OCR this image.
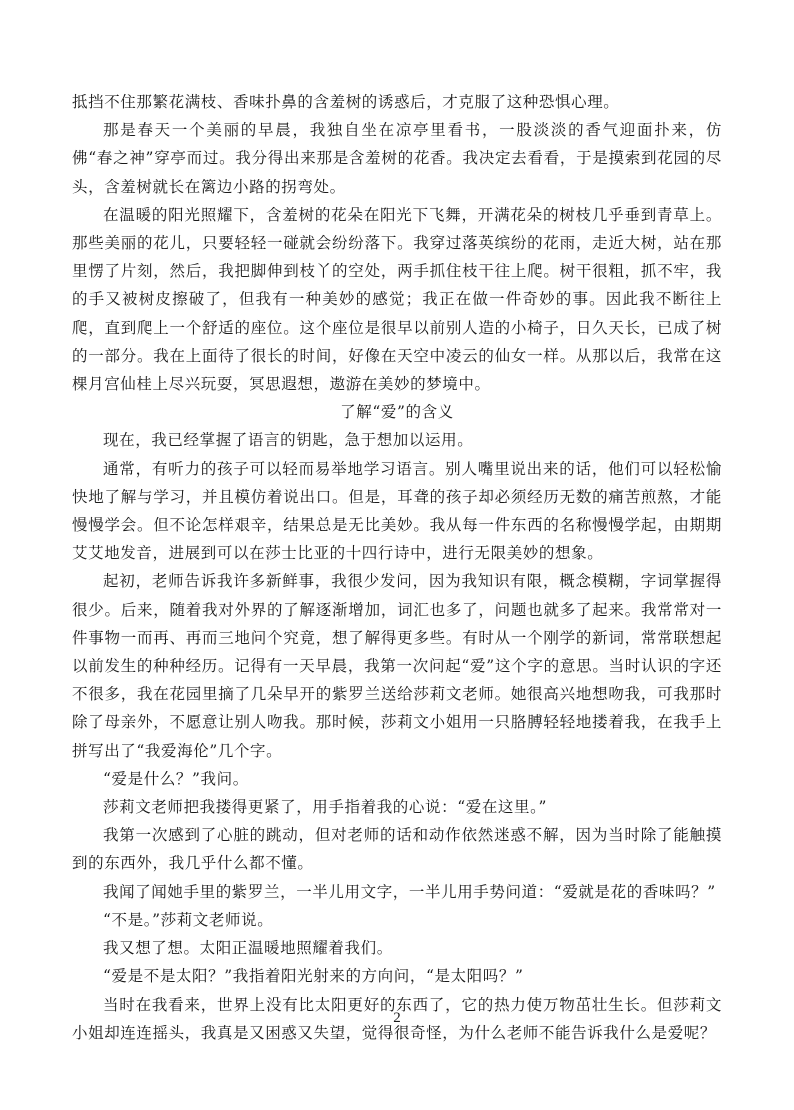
抵挡不住那繁花满枝、香味扑鼻的含羞树的诱惑后，才克服了这种恐惧心理。

那是春天一个美丽的早晨，我独自坐在凉亭里看书，一股淡淡的香气迎面扑来，仿佛“春之神”穿亭而过。我分得出来那是含羞树的花香。我决定去看看，于是摸索到花园的尽头，含羞树就长在篱边小路的拐弯处。

在温暖的阳光照耀下，含羞树的花朵在阳光下飞舞，开满花朵的树枝几乎垂到青草上。那些美丽的花儿，只要轻轻一碰就会纷纷落下。我穿过落英缤纷的花雨，走近大树，站在那里愣了片刻，然后，我把脚伸到枝丫的空处，两手抓住枝干往上爬。树干很粗，抓不牢，我的手又被树皮擦破了，但我有一种美妙的感觉；我正在做一件奇妙的事。因此我不断往上爬，直到爬上一个舒适的座位。这个座位是很早以前别人造的小椅子，日久天长，已成了树的一部分。我在上面待了很长的时间，好像在天空中凌云的仙女一样。从那以后，我常在这棵月宫仙桂上尽兴玩耍，冥思遐想，遨游在美妙的梦境中。

了解“爱”的含义

现在，我已经掌握了语言的钥匙，急于想加以运用。

通常，有听力的孩子可以轻而易举地学习语言。别人嘴里说出来的话，他们可以轻松愉快地了解与学习，并且模仿着说出口。但是，耳聋的孩子却必须经历无数的痛苦煎熬，才能慢慢学会。但不论怎样艰辛，结果总是无比美妙。我从每一件东西的名称慢慢学起，由期期艾艾地发音，进展到可以在莎士比亚的十四行诗中，进行无限美妙的想象。

起初，老师告诉我许多新鲜事，我很少发问，因为我知识有限，概念模糊，字词掌握得很少。后来，随着我对外界的了解逐渐增加，词汇也多了，问题也就多了起来。我常常对一件事物一而再、再而三地问个究竟，想了解得更多些。有时从一个刚学的新词，常常联想起以前发生的种种经历。记得有一天早晨，我第一次问起“爱”这个字的意思。当时认识的字还不很多，我在花园里摘了几朵早开的紫罗兰送给莎莉文老师。她很高兴地想吻我，可我那时除了母亲外，不愿意让别人吻我。那时候，莎莉文小姐用一只胳膊轻轻地搂着我，在我手上拼写出了“我爱海伦”几个字。

“爱是什么？”我问。

莎莉文老师把我搂得更紧了，用手指着我的心说：“爱在这里。”

我第一次感到了心脏的跳动，但对老师的话和动作依然迷惑不解，因为当时除了能触摸到的东西外，我几乎什么都不懂。

我闻了闻她手里的紫罗兰，一半儿用文字，一半儿用手势问道：“爱就是花的香味吗？”

“不是。”莎莉文老师说。

我又想了想。太阳正温暖地照耀着我们。

“爱是不是太阳？”我指着阳光射来的方向问，“是太阳吗？”

当时在我看来，世界上没有比太阳更好的东西了，它的热力使万物茁壮生长。但莎莉文小姐却连连摇头，我真是又困惑又失望，觉得很奇怪，为什么老师不能告诉我什么是爱呢？

2
